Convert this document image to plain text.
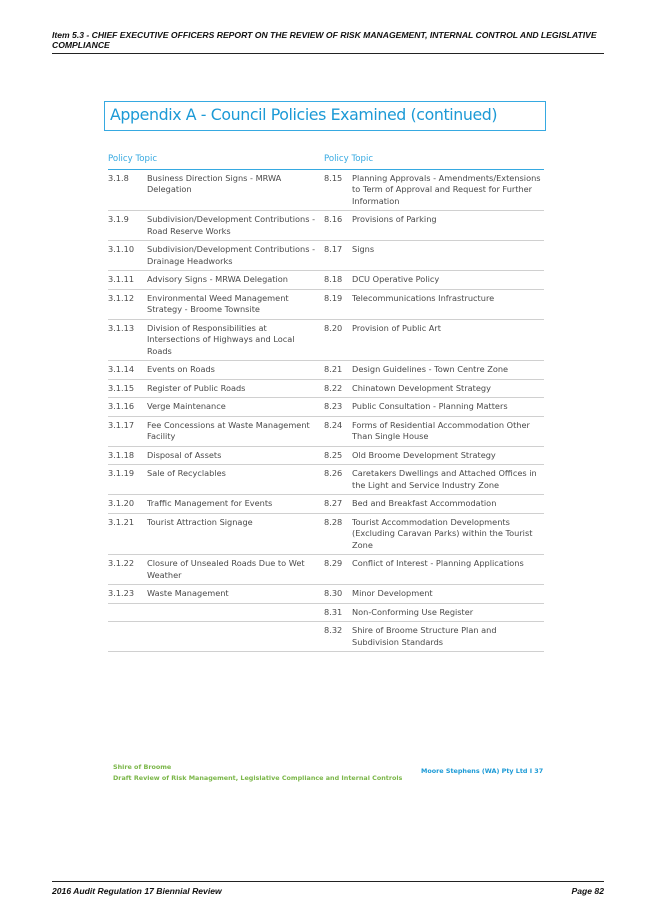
Item 5.3 - CHIEF EXECUTIVE OFFICERS REPORT ON THE REVIEW OF RISK MANAGEMENT, INTERNAL CONTROL AND LEGISLATIVE COMPLIANCE
Appendix A - Council Policies Examined (continued)
Policy Topic		Policy Topic	
3.1.8	Business Direction Signs - MRWA Delegation	8.15	Planning Approvals - Amendments/Extensions to Term of Approval and Request for Further Information
3.1.9	Subdivision/Development Contributions - Road Reserve Works	8.16	Provisions of Parking
3.1.10	Subdivision/Development Contributions - Drainage Headworks	8.17	Signs
3.1.11	Advisory Signs - MRWA Delegation	8.18	DCU Operative Policy
3.1.12	Environmental Weed Management Strategy - Broome Townsite	8.19	Telecommunications Infrastructure
3.1.13	Division of Responsibilities at Intersections of Highways and Local Roads	8.20	Provision of Public Art
3.1.14	Events on Roads	8.21	Design Guidelines - Town Centre Zone
3.1.15	Register of Public Roads	8.22	Chinatown Development Strategy
3.1.16	Verge Maintenance	8.23	Public Consultation - Planning Matters
3.1.17	Fee Concessions at Waste Management Facility	8.24	Forms of Residential Accommodation Other Than Single House
3.1.18	Disposal of Assets	8.25	Old Broome Development Strategy
3.1.19	Sale of Recyclables	8.26	Caretakers Dwellings and Attached Offices in the Light and Service Industry Zone
3.1.20	Traffic Management for Events	8.27	Bed and Breakfast Accommodation
3.1.21	Tourist Attraction Signage	8.28	Tourist Accommodation Developments (Excluding Caravan Parks) within the Tourist Zone
3.1.22	Closure of Unsealed Roads Due to Wet Weather	8.29	Conflict of Interest - Planning Applications
3.1.23	Waste Management	8.30	Minor Development
		8.31	Non-Conforming Use Register
		8.32	Shire of Broome Structure Plan and Subdivision Standards
Shire of Broome
Draft Review of Risk Management, Legislative Compliance and Internal Controls
Moore Stephens (WA) Pty Ltd I 37
2016 Audit Regulation 17 Biennial Review	Page 82
